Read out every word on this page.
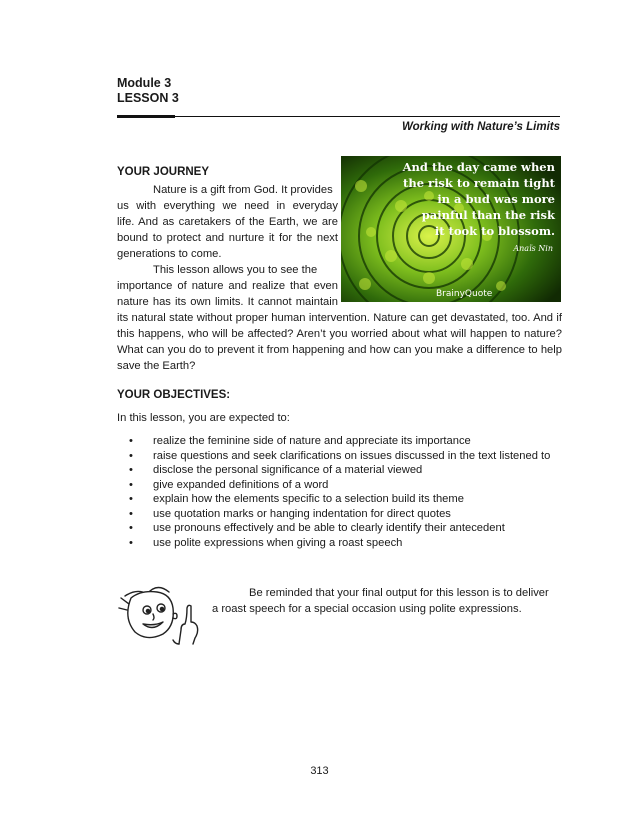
Module 3
LESSON 3
Working with Nature’s Limits
YOUR JOURNEY
Nature is a gift from God. It provides
us with everything we need in everyday
life. And as caretakers of the Earth, we are
bound to protect and nurture it for the next
generations to come.
This lesson allows you to see the
importance of nature and realize that even
nature has its own limits. It cannot maintain
its natural state without proper human intervention. Nature can get devastated, too. And if this happens, who will be affected? Aren’t you worried about what will happen to nature? What can you do to prevent it from happening and how can you make a difference to help save the Earth?
And the day came when
the risk to remain tight
in a bud was more
painful than the risk
it took to blossom.
Anaïs Nin
BrainyQuote
YOUR OBJECTIVES:
In this lesson, you are expected to:
• realize the feminine side of nature and appreciate its importance
• raise questions and seek clarifications on issues discussed in the text listened to
• disclose the personal significance of a material viewed
• give expanded definitions of a word
• explain how the elements specific to a selection build its theme
• use quotation marks or hanging indentation for direct quotes
• use pronouns effectively and be able to clearly identify their antecedent
• use polite expressions when giving a roast speech
Be reminded that your final output for this lesson is to deliver
a roast speech for a special occasion using polite expressions.
313
